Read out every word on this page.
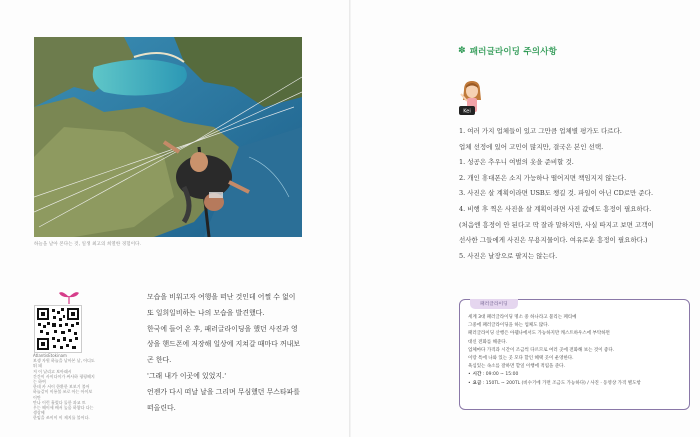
하늘을 날아 본다는 것, 일생 최고의 희열한 경험이다.
AtlantisEtokinam
보생 자원 하늘을 날아본 날, 어디도 뛰 돼
져 이 날리고 보아래시
간간이 사이다이가 싸사하 평평해지는 하여
한데 카 서이 한환한 보보기 볼어
하늘같이 이릉볼 쓰로 아는 아이보이만
만나 이런 흘렀다 돌한 과교 트
우는 해이세 배서 높음 하얗다 다는 생상에
한임을 쓰이이 이 제지를 불어다.

모습을 비워고자 여행을 떠난 것인데 어쩔 수 없이

또 일희일비하는 나의 모습을 발견했다.

한국에 들어 온 후, 패러글라이딩을 했던 사진과 영

상을 핸드폰에 저장해 일상에 지쳐갈 때마다 꺼내보

곤 한다.

'그래 내가 이곳에 있었지.'

언젠가 다시 떠날 날을 그리며 무심했던 무스타파를

떠올린다.

✽ 패러글라이딩 주의사항
Kei

1. 여러 가지 업체들이 있고 그만큼 업체별 평가도 다르다.

업체 선정에 있어 고민이 많지만, 결국은 본인 선택.

1. 성공은 추우니 여벌의 옷을 준비할 것.

2. 개인 휴대폰은 소지 가능하나 떨어지면 책임지지 않는다.

3. 사진은 살 계획이라면 USB도 챙길 것. 파일이 아닌 CD로만 준다.

4. 비행 후 찍은 사진을 살 계획이라면 사진 값에도 흥정이 필요하다.

(처음엔 흥정이 안 된다고 딱 잘라 말하지만, 사실 따지고 보면 고객이

선사한 그들에게 사진은 무용지물이다. 여유로운 흥정이 필요하다.)

5. 사진은 날장으로 팔지는 않는다.

패러글라이딩

세계 3대 패러글라이딩 명소 중 하나라고 불리는 페티예

그중에 패러글라이딩을 하는 업체도 많다.

패러글라이딩 산행은 아웰나에서도 가능하지만 캐스트하우스에 부탁하면

대신 전화를 해준다.

업체마다 가격과 시간이 조금씩 다르므로 여러 곳에 전화해 보는 것이 좋다.

이랑 특에 나와 있는 곳 모다 할인 혜택 곳이 운영한다.

욕심있는 속소를 잘하면 할일 이행에 적립을 준다.

• 시간 : 09:00 ~ 15:00

• 요금 : 150TL ~ 200TL (비수기에 가면 조금도 가능하다) / 사진 · 동영상 가격 별도항
